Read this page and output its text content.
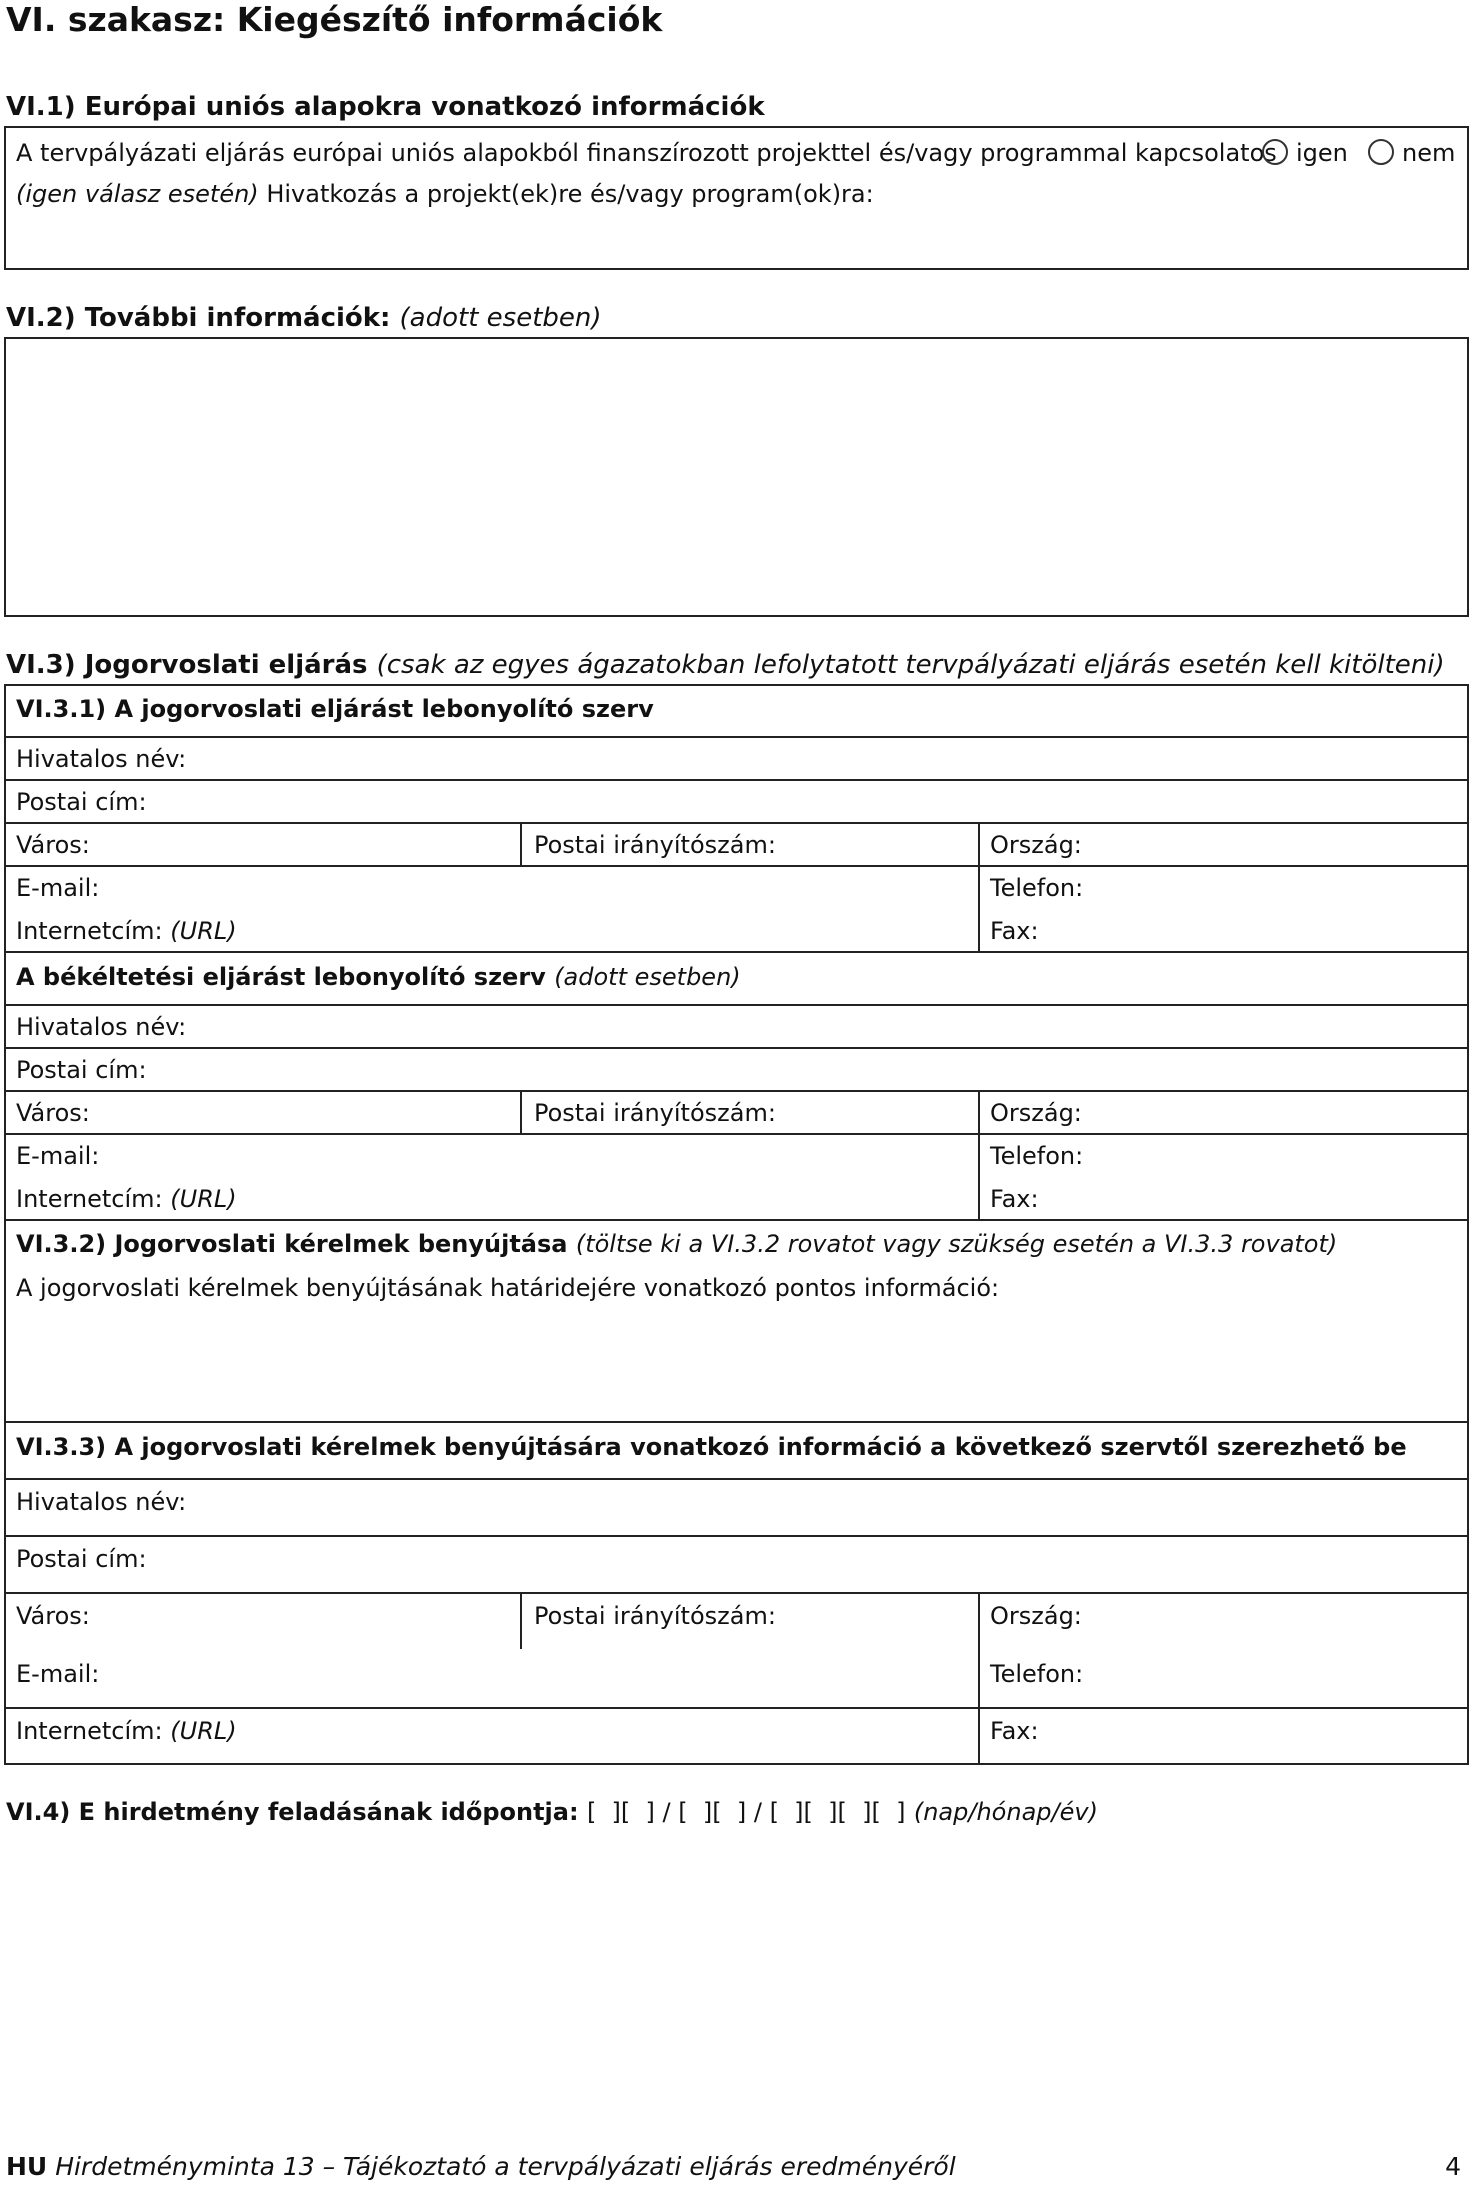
VI. szakasz: Kiegészítő információk
VI.1) Európai uniós alapokra vonatkozó információk
A tervpályázati eljárás európai uniós alapokból finanszírozott projekttel és/vagy programmal kapcsolatos igen	nem
(igen válasz esetén) Hivatkozás a projekt(ek)re és/vagy program(ok)ra:
VI.2) További információk: (adott esetben)
VI.3) Jogorvoslati eljárás (csak az egyes ágazatokban lefolytatott tervpályázati eljárás esetén kell kitölteni)
VI.3.1) A jogorvoslati eljárást lebonyolító szerv
Hivatalos név:
Postai cím:
Város:	Postai irányítószám:	Ország:
E-mail:	Telefon:
Internetcím: (URL)	Fax:
A békéltetési eljárást lebonyolító szerv (adott esetben)
Hivatalos név:
Postai cím:
Város:	Postai irányítószám:	Ország:
E-mail:	Telefon:
Internetcím: (URL)	Fax:
VI.3.2) Jogorvoslati kérelmek benyújtása (töltse ki a VI.3.2 rovatot vagy szükség esetén a VI.3.3 rovatot)
A jogorvoslati kérelmek benyújtásának határidejére vonatkozó pontos információ:
VI.3.3) A jogorvoslati kérelmek benyújtására vonatkozó információ a következő szervtől szerezhető be
Hivatalos név:
Postai cím:
Város:	Postai irányítószám:	Ország:
E-mail:	Telefon:
Internetcím: (URL)	Fax:
VI.4) E hirdetmény feladásának időpontja: [  ][  ] / [  ][  ] / [  ][  ][  ][  ] (nap/hónap/év)
HU Hirdetményminta 13 – Tájékoztató a tervpályázati eljárás eredményéről	4
